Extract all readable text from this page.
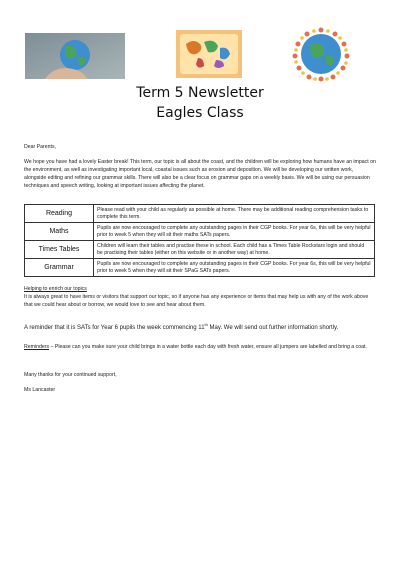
Term 5 Newsletter
Eagles Class
Dear Parents,
We hope you have had a lovely Easter break! This term, our topic is all about the coast, and the children will be exploring how humans have an impact on the environment, as well as investigating important local, coastal issues such as erosion and deposition. We will be developing our written work, alongside editing and refining our grammar skills. There will also be a clear focus on grammar gaps on a weekly basis. We will be using our persuasion techniques and speech writing, looking at important issues affecting the planet.
Reading	Please read with your child as regularly as possible at home. There may be additional reading comprehension tasks to complete this term.
Maths	Pupils are now encouraged to complete any outstanding pages in their CGP books. For year 6s, this will be very helpful prior to week 5 when they will sit their maths SATs papers.
Times Tables	Children will learn their tables and practise these in school. Each child has a Times Table Rockstars login and should be practising their tables (either on this website or in another way) at home.
Grammar	Pupils are now encouraged to complete any outstanding pages in their CGP books. For year 6s, this will be very helpful prior to week 5 when they will sit their SPaG SATs papers.
Helping to enrich our topics
It is always great to have items or visitors that support our topic, so if anyone has any experience or items that may help us with any of the work above that we could hear about or borrow, we would love to see and hear about them.
A reminder that it is SATs for Year 6 pupils the week commencing 11th May. We will send out further information shortly.
Reminders – Please can you make sure your child brings in a water bottle each day with fresh water, ensure all jumpers are labelled and bring a coat.
Many thanks for your continued support,
Ms Lancaster
